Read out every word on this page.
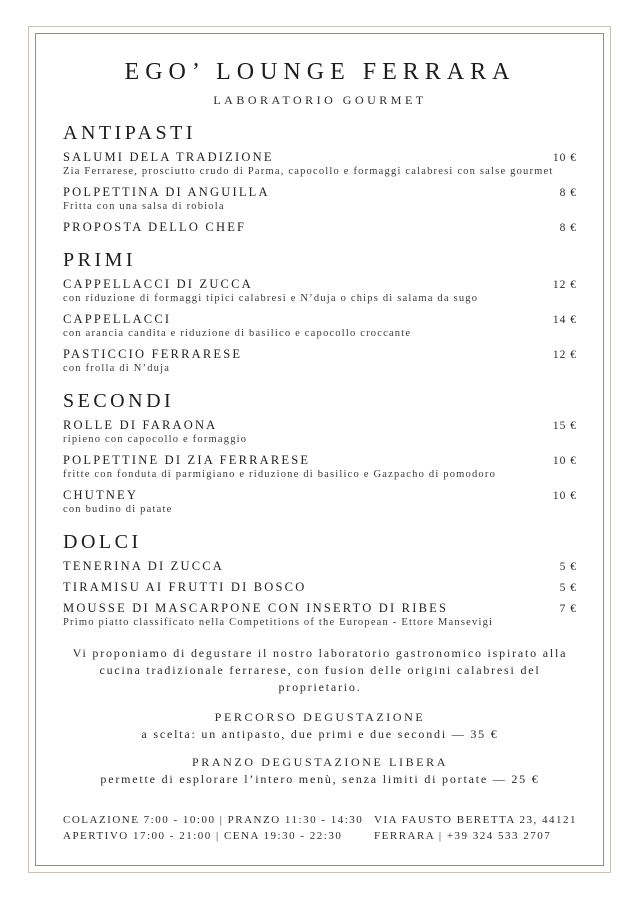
EGO’ LOUNGE FERRARA
LABORATORIO GOURMET
ANTIPASTI
SALUMI DELA TRADIZIONE	10 €
Zia Ferrarese, prosciutto crudo di Parma, capocollo e formaggi calabresi con salse gourmet
POLPETTINA DI ANGUILLA	8 €
Fritta con una salsa di robiola
PROPOSTA DELLO CHEF	8 €
PRIMI
CAPPELLACCI DI ZUCCA	12 €
con riduzione di formaggi tipici calabresi e N’duja o chips di salama da sugo
CAPPELLACCI	14 €
con arancia candita e riduzione di basilico e capocollo croccante
PASTICCIO FERRARESE	12 €
con frolla di N’duja
SECONDI
ROLLE DI FARAONA	15 €
ripieno con capocollo e formaggio
POLPETTINE DI ZIA FERRARESE	10 €
fritte con fonduta di parmigiano e riduzione di basilico e Gazpacho di pomodoro
CHUTNEY	10 €
con budino di patate
DOLCI
TENERINA DI ZUCCA	5 €
TIRAMISU AI FRUTTI DI BOSCO	5 €
MOUSSE DI MASCARPONE CON INSERTO DI RIBES	7 €
Primo piatto classificato nella Competitions of the European - Ettore Mansevigi
Vi proponiamo di degustare il nostro laboratorio gastronomico ispirato alla cucina tradizionale ferrarese, con fusion delle origini calabresi del proprietario.
PERCORSO DEGUSTAZIONE
a scelta: un antipasto, due primi e due secondi — 35 €
PRANZO DEGUSTAZIONE LIBERA
permette di esplorare l’intero menù, senza limiti di portate — 25 €
COLAZIONE 7:00 - 10:00 | PRANZO 11:30 - 14:30
APERTIVO 17:00 - 21:00 | CENA 19:30 - 22:30
VIA FAUSTO BERETTA 23, 44121
FERRARA | +39 324 533 2707
